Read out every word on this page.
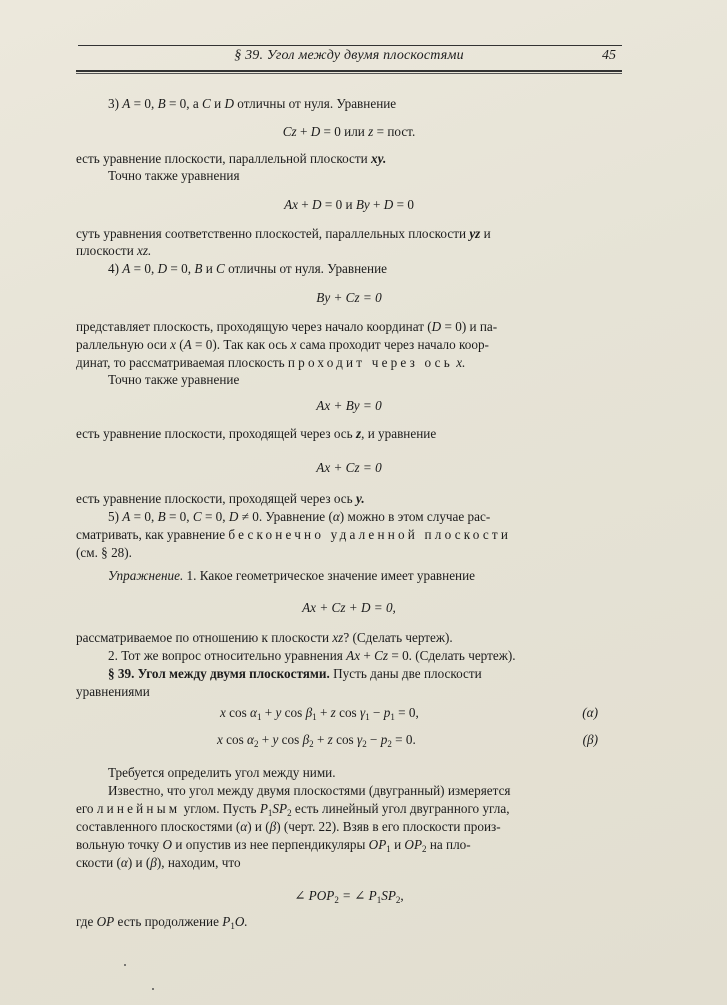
§ 39. Угол между двумя плоскостями	45
3) A = 0, B = 0, а C и D отличны от нуля. Уравнение
Cz + D = 0 или z = пост.
есть уравнение плоскости, параллельной плоскости xy.
Точно также уравнения
Ax + D = 0 и By + D = 0
суть уравнения соответственно плоскостей, параллельных плоскости yz и
плоскости xz.
4) A = 0, D = 0, B и C отличны от нуля. Уравнение
By + Cz = 0
представляет плоскость, проходящую через начало координат (D = 0) и па-
раллельную оси x (A = 0). Так как ось x сама проходит через начало коор-
динат, то рассматриваемая плоскость проходит через ось x.
Точно также уравнение
Ax + By = 0
есть уравнение плоскости, проходящей через ось z, и уравнение
Ax + Cz = 0
есть уравнение плоскости, проходящей через ось y.
5) A = 0, B = 0, C = 0, D ≠ 0. Уравнение (α) можно в этом случае рас-
сматривать, как уравнение бесконечно удаленной плоскости
(см. § 28).
Упражнение. 1. Какое геометрическое значение имеет уравнение
Ax + Cz + D = 0,
рассматриваемое по отношению к плоскости xz? (Сделать чертеж).
2. Тот же вопрос относительно уравнения Ax + Cz = 0. (Сделать чертеж).
§ 39. Угол между двумя плоскостями. Пусть даны две плоскости
уравнениями
x $\cos \alpha_1 + y$ $\cos \beta_1 + z$ $\cos \gamma_1 - p_1 = 0$,	(α)
x $\cos \alpha_2 + y$ $\cos \beta_2 + z$ $\cos \gamma_2 - p_2 = 0$.	(β)
Требуется определить угол между ними.
Известно, что угол между двумя плоскостями (двугранный) измеряется
его линейным углом. Пусть $P_1SP_2$ есть линейный угол двугранного угла,
составленного плоскостями (α) и (β) (черт. 22). Взяв в его плоскости произ-
вольную точку O и опустив из нее перпендикуляры $OP_1$ и $OP_2$ на пло-
скости (α) и (β), находим, что
∠ $POP_2$ = ∠ $P_1SP_2$,
где OP есть продолжение $P_1O$.
